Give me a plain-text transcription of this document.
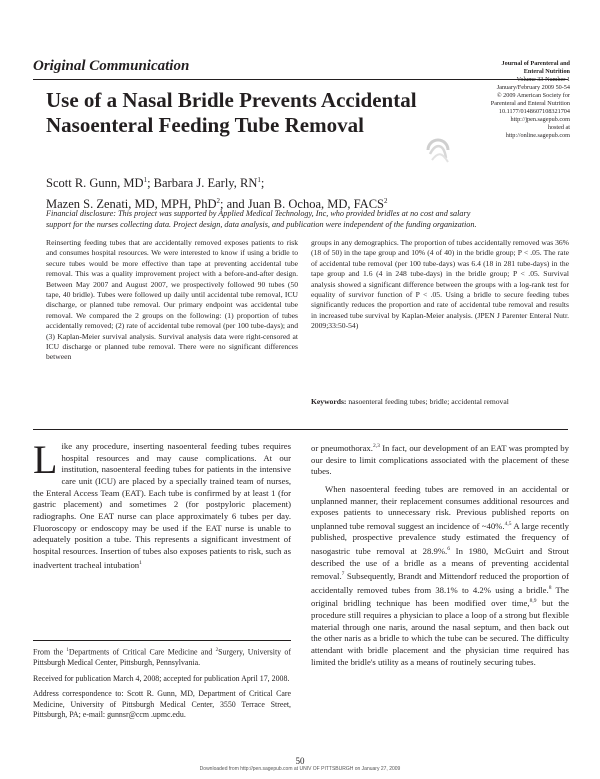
Original Communication
Use of a Nasal Bridle Prevents Accidental Nasoenteral Feeding Tube Removal
Journal of Parenteral and
Enteral Nutrition
Volume 33 Number 1
January/February 2009 50-54
© 2009 American Society for
Parenteral and Enteral Nutrition
10.1177/0148607108321704
http://jpen.sagepub.com
hosted at
http://online.sagepub.com
Scott R. Gunn, $MD^1$; Barbara J. Early, $RN^1$;
Mazen S. Zenati, MD, MPH, PhD$^2$; and Juan B. Ochoa, MD, FACS$^2$
Financial disclosure: This project was supported by Applied Medical Technology, Inc, who provided bridles at no cost and salary support for the nurses collecting data. Project design, data analysis, and publication were independent of the funding organization.
Reinserting feeding tubes that are accidentally removed exposes patients to risk and consumes hospital resources. We were interested to know if using a bridle to secure tubes would be more effective than tape at preventing accidental tube removal. This was a quality improvement project with a before-and-after design. Between May 2007 and August 2007, we prospectively followed 90 tubes (50 tape, 40 bridle). Tubes were followed up daily until accidental tube removal, ICU discharge, or planned tube removal. Our primary endpoint was accidental tube removal. We compared the 2 groups on the following: (1) proportion of tubes accidentally removed; (2) rate of accidental tube removal (per 100 tube-days); and (3) Kaplan-Meier survival analysis. Survival analysis data were right-censored at ICU discharge or planned tube removal. There were no significant differences between
groups in any demographics. The proportion of tubes accidentally removed was 36% (18 of 50) in the tape group and 10% (4 of 40) in the bridle group; P < .05. The rate of accidental tube removal (per 100 tube-days) was 6.4 (18 in 281 tube-days) in the tape group and 1.6 (4 in 248 tube-days) in the bridle group; P < .05. Survival analysis showed a significant difference between the groups with a log-rank test for equality of survivor function of P < .05. Using a bridle to secure feeding tubes significantly reduces the proportion and rate of accidental tube removal and results in increased tube survival by Kaplan-Meier analysis. (JPEN J Parenter Enteral Nutr. 2009;33:50-54)
Keywords: nasoenteral feeding tubes; bridle; accidental removal

Like any procedure, inserting nasoenteral feeding tubes requires hospital resources and may cause complications. At our institution, nasoenteral feeding tubes for patients in the intensive care unit (ICU) are placed by a specially trained team of nurses, the Enteral Access Team (EAT). Each tube is confirmed by at least 1 (for gastric placement) and sometimes 2 (for postpyloric placement) radiographs. One EAT nurse can place approximately 6 tubes per day. Fluoroscopy or endoscopy may be used if the EAT nurse is unable to adequately position a tube. This represents a significant investment of hospital resources. Insertion of tubes also exposes patients to risk, such as inadvertent tracheal intubation$^1$

From the $^1$Departments of Critical Care Medicine and $^2$Surgery, University of Pittsburgh Medical Center, Pittsburgh, Pennsylvania.

Received for publication March 4, 2008; accepted for publication April 17, 2008.

Address correspondence to: Scott R. Gunn, MD, Department of Critical Care Medicine, University of Pittsburgh Medical Center, 3550 Terrace Street, Pittsburgh, PA; e-mail: gunnsr@ccm .upmc.edu.

or pneumothorax.$^{2,3}$ In fact, our development of an EAT was prompted by our desire to limit complications associated with the placement of these tubes.

When nasoenteral feeding tubes are removed in an accidental or unplanned manner, their replacement consumes additional resources and exposes patients to unnecessary risk. Previous published reports on unplanned tube removal suggest an incidence of ~40%.$^{4,5}$ A large recently published, prospective prevalence study estimated the frequency of nasogastric tube removal at 28.9%.$^6$ In 1980, McGuirt and Strout described the use of a bridle as a means of preventing accidental removal.$^7$ Subsequently, Brandt and Mittendorf reduced the proportion of accidentally removed tubes from 38.1% to 4.2% using a bridle.$^8$ The original bridling technique has been modified over time,$^{8,9}$ but the procedure still requires a physician to place a loop of a strong but flexible material through one naris, around the nasal septum, and then back out the other naris as a bridle to which the tube can be secured. The difficulty attendant with bridle placement and the physician time required has limited the bridle's utility as a means of routinely securing tubes.

50
Downloaded from http://pen.sagepub.com at UNIV OF PITTSBURGH on January 27, 2009
